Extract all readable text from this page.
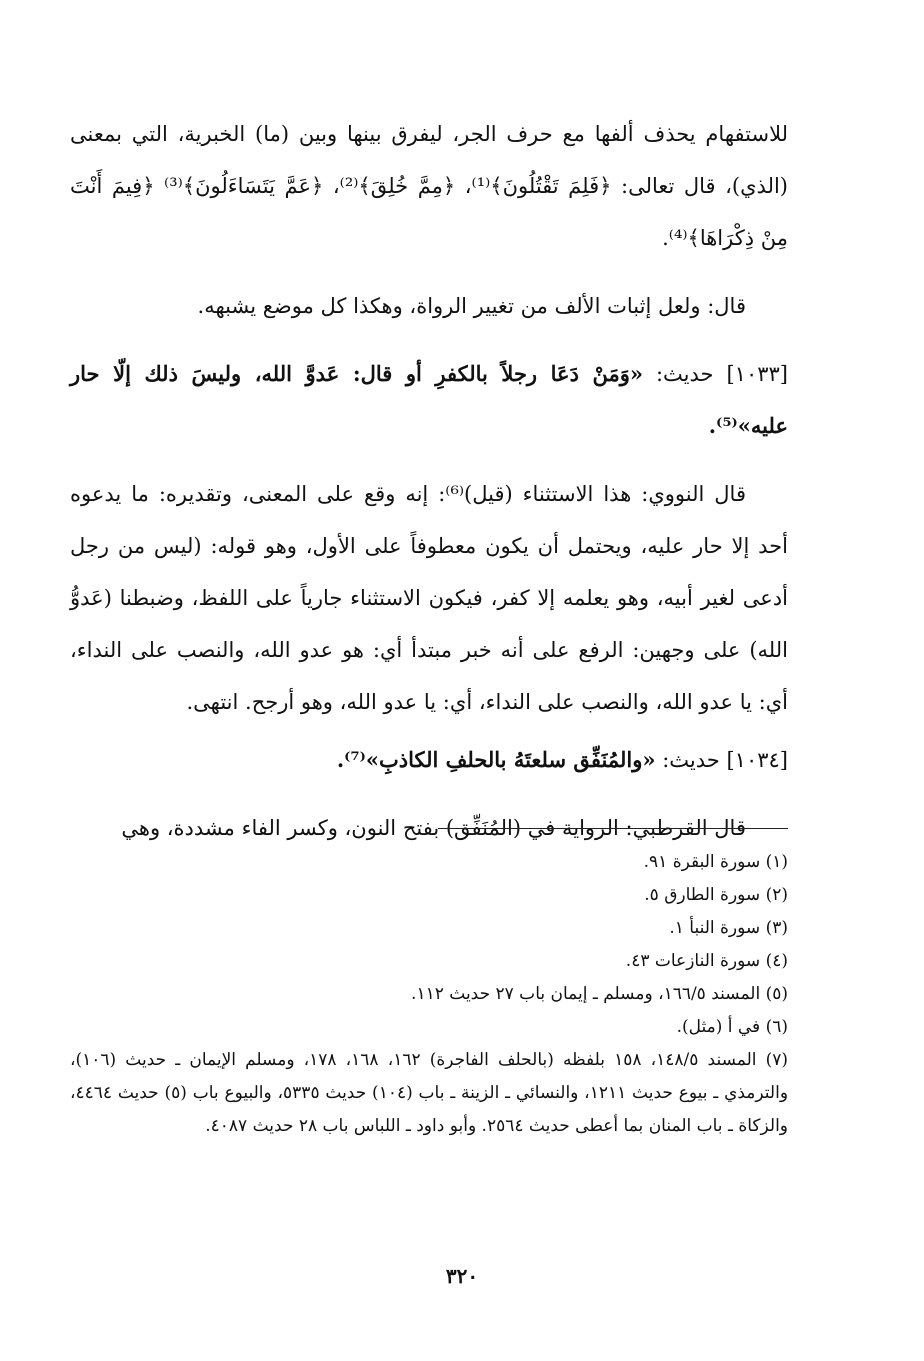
للاستفهام يحذف ألفها مع حرف الجر، ليفرق بينها وبين (ما) الخبرية، التي بمعنى (الذي)، قال تعالى: ﴿فَلِمَ تَقْتُلُونَ﴾⁽¹⁾، ﴿مِمَّ خُلِقَ﴾⁽²⁾، ﴿عَمَّ يَتَسَاءَلُونَ﴾⁽³⁾ ﴿فِيمَ أَنْتَ مِنْ ذِكْرَاهَا﴾⁽⁴⁾.

قال: ولعل إثبات الألف من تغيير الرواة، وهكذا كل موضع يشبهه.

[١٠٣٣] حديث: «وَمَنْ دَعَا رجلاً بالكفرِ أو قال: عَدوَّ الله، وليسَ ذلك إلّا حار عليه»⁽⁵⁾.

قال النووي: هذا الاستثناء (قيل)⁽⁶⁾: إنه وقع على المعنى، وتقديره: ما يدعوه أحد إلا حار عليه، ويحتمل أن يكون معطوفاً على الأول، وهو قوله: (ليس من رجل أدعى لغير أبيه، وهو يعلمه إلا كفر، فيكون الاستثناء جارياً على اللفظ، وضبطنا (عَدوُّ الله) على وجهين: الرفع على أنه خبر مبتدأ أي: هو عدو الله، والنصب على النداء، أي: يا عدو الله، والنصب على النداء، أي: يا عدو الله، وهو أرجح. انتهى.

[١٠٣٤] حديث: «والمُنَفِّق سلعتَهُ بالحلفِ الكاذبِ»⁽⁷⁾.

قال القرطبي: الرواية في (المُنَفِّق) بفتح النون، وكسر الفاء مشددة، وهي

(١) سورة البقرة ٩١.

(٢) سورة الطارق ٥.

(٣) سورة النبأ ١.

(٤) سورة النازعات ٤٣.

(٥) المسند ١٦٦/٥، ومسلم ـ إيمان باب ٢٧ حديث ١١٢.

(٦) في أ (مثل).

(٧) المسند ١٤٨/٥، ١٥٨ بلفظه (بالحلف الفاجرة) ١٦٢، ١٦٨، ١٧٨، ومسلم الإيمان ـ حديث (١٠٦)، والترمذي ـ بيوع حديث ١٢١١، والنسائي ـ الزينة ـ باب (١٠٤) حديث ٥٣٣٥، والبيوع باب (٥) حديث ٤٤٦٤، والزكاة ـ باب المنان بما أعطى حديث ٢٥٦٤. وأبو داود ـ اللباس باب ٢٨ حديث ٤٠٨٧.

٣٢٠
